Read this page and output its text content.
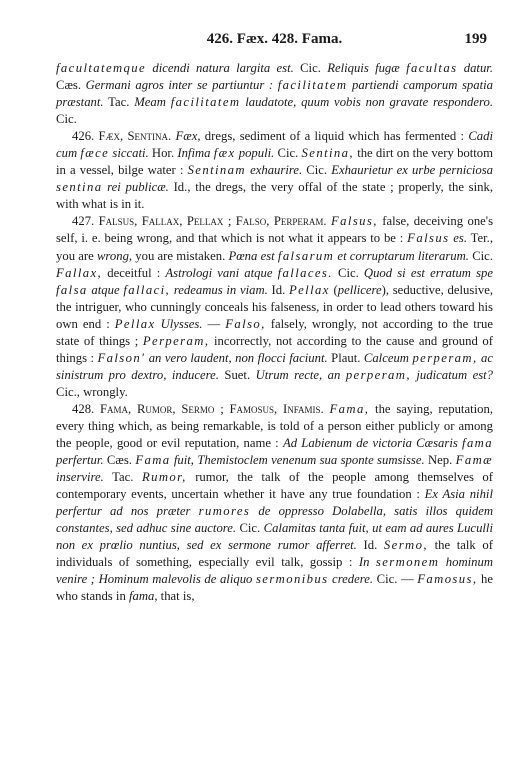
426. Fæx. 428. Fama.	199

facultatemque dicendi natura largita est. Cic. Reliquis fugæ facultas datur. Cæs. Germani agros inter se partiuntur : facilitatem partiendi camporum spatia præstant. Tac. Meam facilitatem laudatote, quum vobis non gravate respondero. Cic.

426. Fæx, Sentina. Fæx, dregs, sediment of a liquid which has fermented : Cadi cum fæce siccati. Hor. Infima fæx populi. Cic. Sentina, the dirt on the very bottom in a vessel, bilge water : Sentinam exhaurire. Cic. Exhaurietur ex urbe perniciosa sentina rei publicæ. Id., the dregs, the very offal of the state ; properly, the sink, with what is in it.

427. Falsus, Fallax, Pellax ; Falso, Perperam. Falsus, false, deceiving one's self, i. e. being wrong, and that which is not what it appears to be : Falsus es. Ter., you are wrong, you are mistaken. Pœna est falsarum et corruptarum literarum. Cic. Fallax, deceitful : Astrologi vani atque fallaces. Cic. Quod si est erratum spe falsa atque fallaci, redeamus in viam. Id. Pellax (pellicere), seductive, delusive, the intriguer, who cunningly conceals his falseness, in order to lead others toward his own end : Pellax Ulysses. — Falso, falsely, wrongly, not according to the true state of things ; Perperam, incorrectly, not according to the cause and ground of things : Falson' an vero laudent, non flocci faciunt. Plaut. Calceum perperam, ac sinistrum pro dextro, inducere. Suet. Utrum recte, an perperam, judicatum est? Cic., wrongly.

428. Fama, Rumor, Sermo ; Famosus, Infamis. Fama, the saying, reputation, every thing which, as being remarkable, is told of a person either publicly or among the people, good or evil reputation, name : Ad Labienum de victoria Cæsaris fama perfertur. Cæs. Fama fuit, Themistoclem venenum sua sponte sumsisse. Nep. Famæ inservire. Tac. Rumor, rumor, the talk of the people among themselves of contemporary events, uncertain whether it have any true foundation : Ex Asia nihil perfertur ad nos præter rumores de oppresso Dolabella, satis illos quidem constantes, sed adhuc sine auctore. Cic. Calamitas tanta fuit, ut eam ad aures Luculli non ex prœlio nuntius, sed ex sermone rumor afferret. Id. Sermo, the talk of individuals of something, especially evil talk, gossip : In sermonem hominum venire ; Hominum malevolis de aliquo sermonibus credere. Cic. — Famosus, he who stands in fama, that is,
